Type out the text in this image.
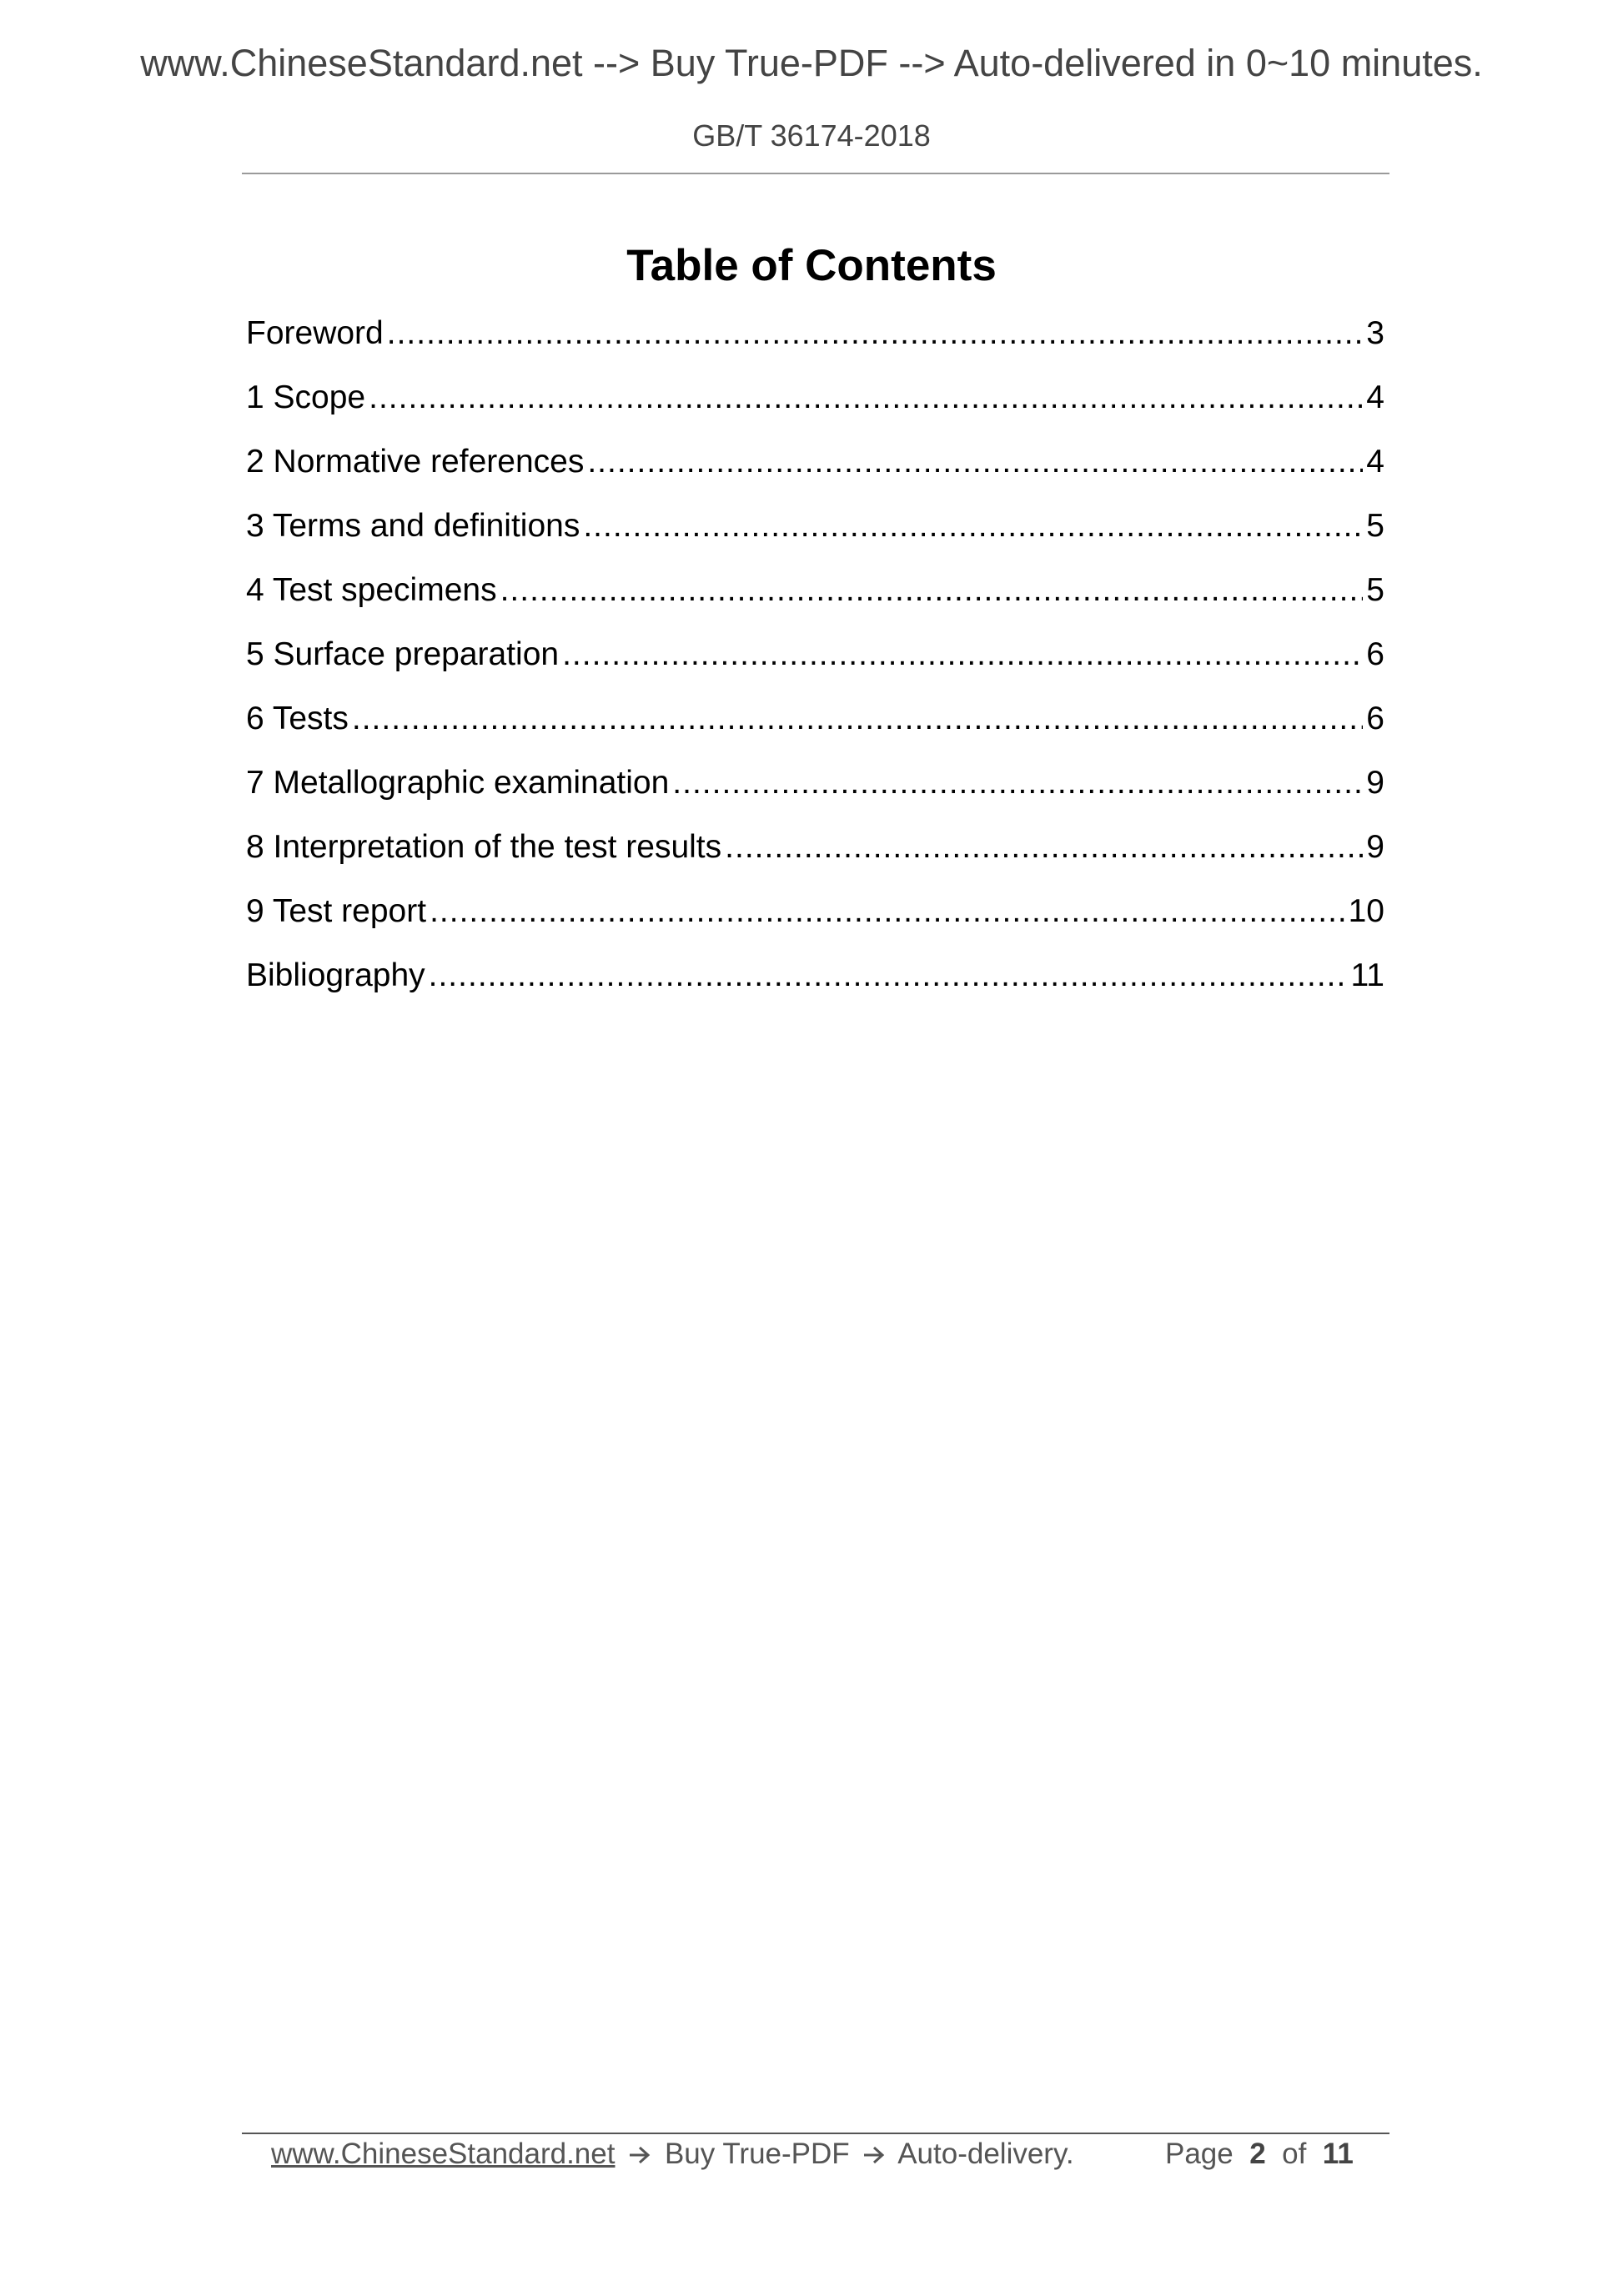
www.ChineseStandard.net --> Buy True-PDF --> Auto-delivered in 0~10 minutes.
GB/T 36174-2018
Table of Contents
Foreword .....	3
1 Scope .....	4
2 Normative references .....	4
3 Terms and definitions .....	5
4 Test specimens .....	5
5 Surface preparation .....	6
6 Tests .....	6
7 Metallographic examination .....	9
8 Interpretation of the test results .....	9
9 Test report .....	10
Bibliography .....	11
www.ChineseStandard.net Buy True-PDF Auto-delivery.	Page 2 of 11
